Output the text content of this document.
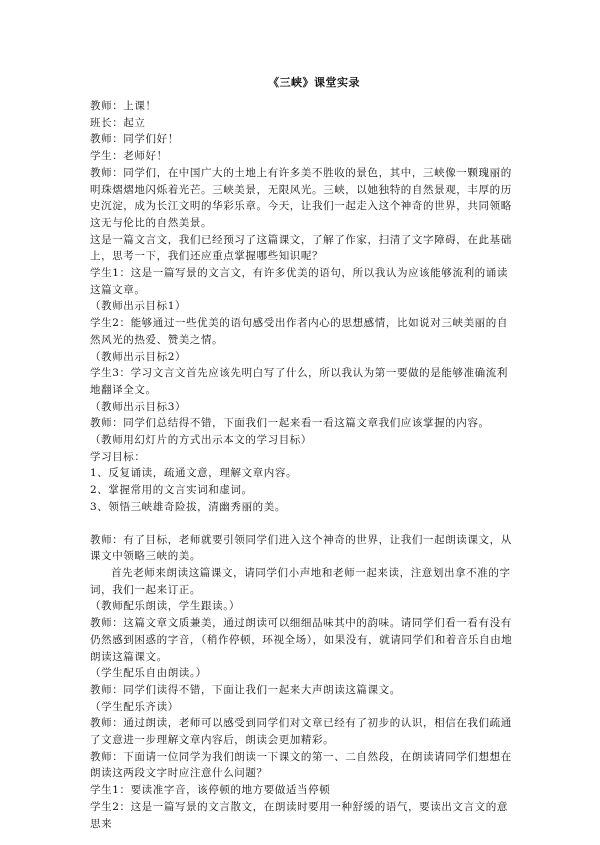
《三峡》课堂实录

教师：上课！

班长：起立

教师：同学们好！

学生：老师好！

教师：同学们，在中国广大的土地上有许多美不胜收的景色，其中，三峡像一颗瑰丽的明珠熠熠地闪烁着光芒。三峡美景，无限风光。三峡，以她独特的自然景观，丰厚的历史沉淀，成为长江文明的华彩乐章。今天，让我们一起走入这个神奇的世界，共同领略这无与伦比的自然美景。

这是一篇文言文，我们已经预习了这篇课文，了解了作家，扫清了文字障碍，在此基础上，思考一下，我们还应重点掌握哪些知识呢？

学生1：这是一篇写景的文言文，有许多优美的语句，所以我认为应该能够流利的诵读这篇文章。

（教师出示目标1）

学生2：能够通过一些优美的语句感受出作者内心的思想感情，比如说对三峡美丽的自然风光的热爱、赞美之情。

（教师出示目标2）

学生3：学习文言文首先应该先明白写了什么，所以我认为第一要做的是能够准确流利地翻译全文。

（教师出示目标3）

教师：同学们总结得不错，下面我们一起来看一看这篇文章我们应该掌握的内容。

（教师用幻灯片的方式出示本文的学习目标）

学习目标：

1、反复诵读，疏通文意，理解文章内容。

2、掌握常用的文言实词和虚词。

3、领悟三峡雄奇险拔，清幽秀丽的美。

教师：有了目标，老师就要引领同学们进入这个神奇的世界，让我们一起朗读课文，从课文中领略三峡的美。

首先老师来朗读这篇课文，请同学们小声地和老师一起来读，注意划出拿不准的字词，我们一起来订正。

（教师配乐朗读，学生跟读。）

教师：这篇文章文质兼美，通过朗读可以细细品味其中的韵味。请同学们看一看有没有仍然感到困惑的字音，（稍作停顿，环视全场），如果没有，就请同学们和着音乐自由地朗读这篇课文。

（学生配乐自由朗读。）

教师：同学们读得不错，下面让我们一起来大声朗读这篇课文。

（学生配乐齐读）

教师：通过朗读，老师可以感受到同学们对文章已经有了初步的认识，相信在我们疏通了文意进一步理解文章内容后，朗读会更加精彩。

教师：下面请一位同学为我们朗读一下课文的第一、二自然段，在朗读请同学们想想在朗读这两段文字时应注意什么问题？

学生1：要读准字音，该停顿的地方要做适当停顿

学生2：这是一篇写景的文言散文，在朗读时要用一种舒缓的语气，要读出文言文的意思来
